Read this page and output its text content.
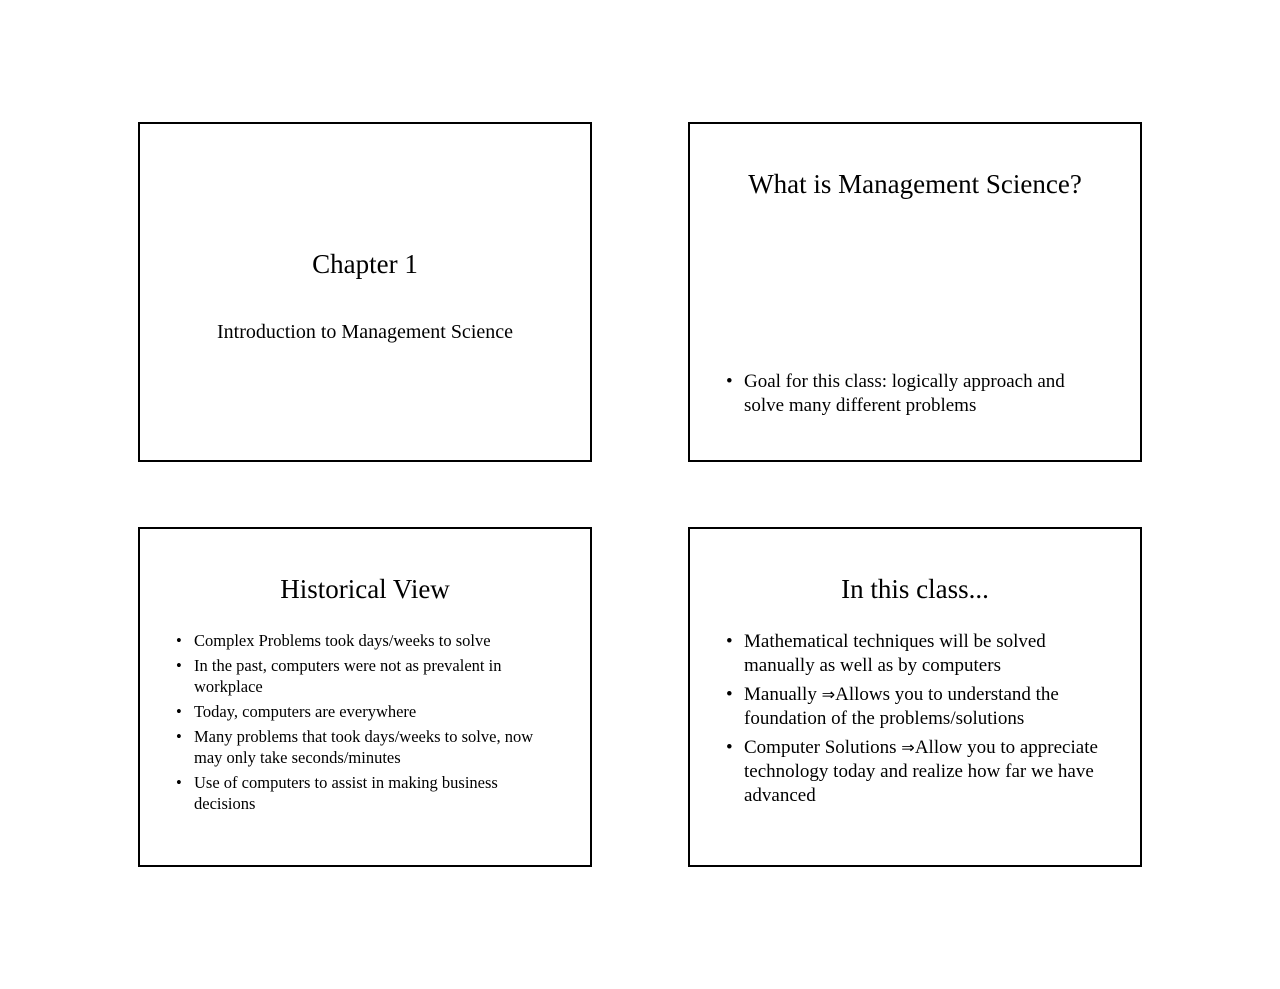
Chapter 1
Introduction to Management Science
What is Management Science?
• Goal for this class: logically approach and solve many different problems
Historical View
• Complex Problems took days/weeks to solve
• In the past, computers were not as prevalent in workplace
• Today, computers are everywhere
• Many problems that took days/weeks to solve, now may only take seconds/minutes
• Use of computers to assist in making business decisions
In this class...
• Mathematical techniques will be solved manually as well as by computers
• Manually ⇒Allows you to understand the foundation of the problems/solutions
• Computer Solutions ⇒Allow you to appreciate technology today and realize how far we have advanced
